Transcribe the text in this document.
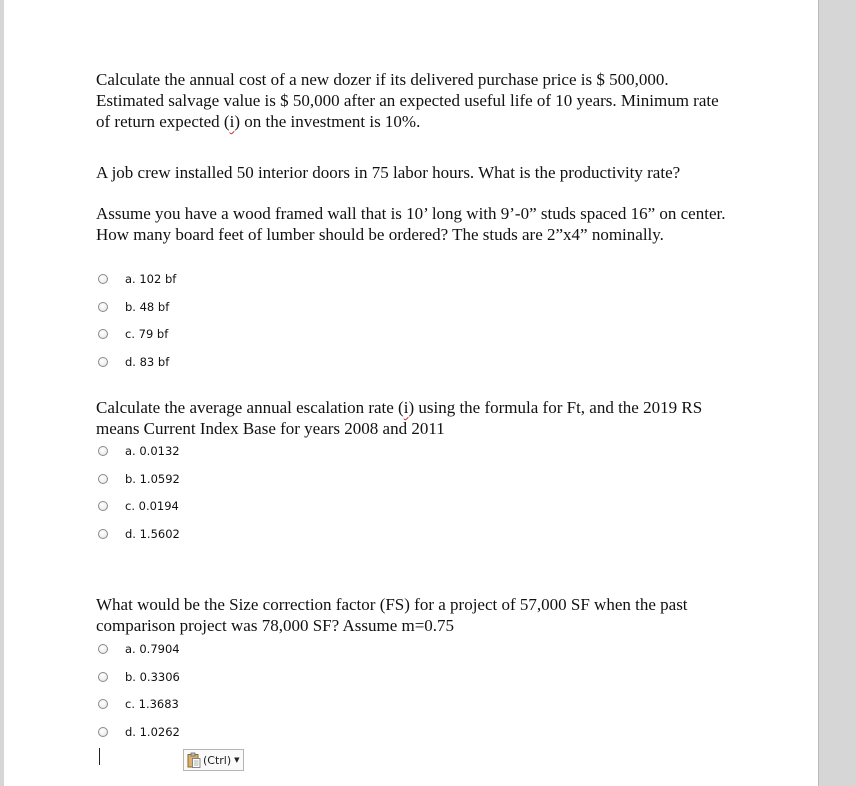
Calculate the annual cost of a new dozer if its delivered purchase price is $ 500,000. Estimated salvage value is $ 50,000 after an expected useful life of 10 years. Minimum rate of return expected (i) on the investment is 10%.
A job crew installed 50 interior doors in 75 labor hours. What is the productivity rate?
Assume you have a wood framed wall that is 10’ long with 9’-0” studs spaced 16” on center. How many board feet of lumber should be ordered? The studs are 2”x4” nominally.
a. 102 bf
b. 48 bf
c. 79 bf
d. 83 bf
Calculate the average annual escalation rate (i) using the formula for Ft, and the 2019 RS means Current Index Base for years 2008 and 2011
a. 0.0132
b. 1.0592
c. 0.0194
d. 1.5602
What would be the Size correction factor (FS) for a project of 57,000 SF when the past comparison project was 78,000 SF? Assume m=0.75
a. 0.7904
b. 0.3306
c. 1.3683
d. 1.0262
(Ctrl) ▼
